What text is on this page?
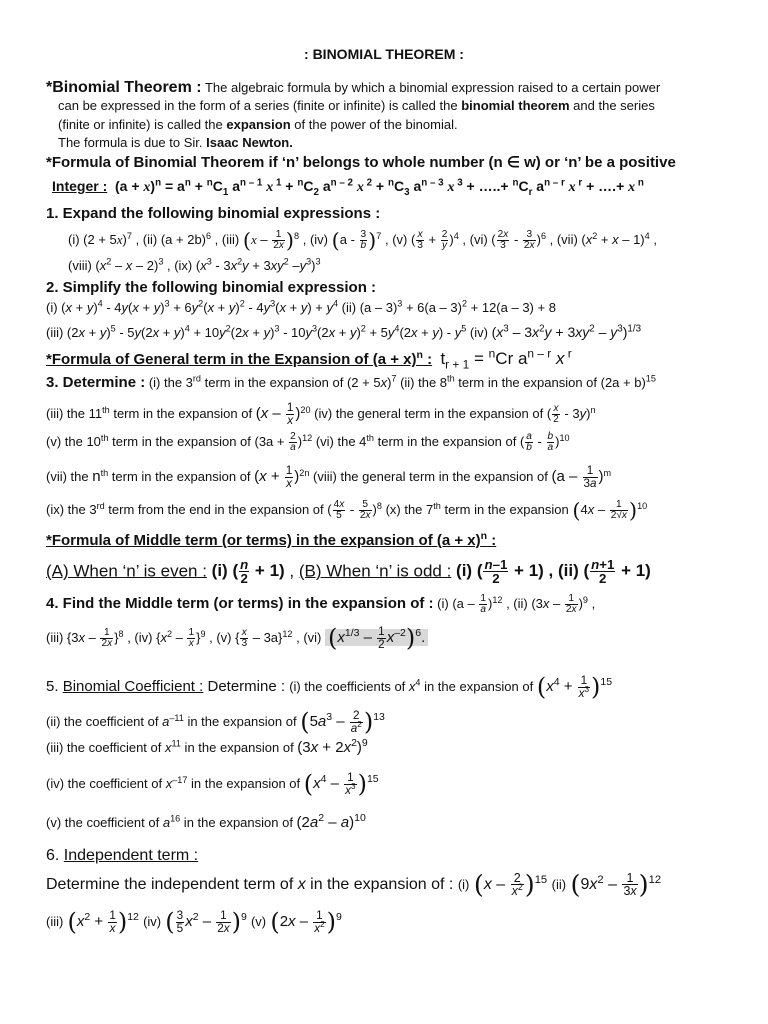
: BINOMIAL THEOREM :
*Binomial Theorem : The algebraic formula by which a binomial expression raised to a certain power
can be expressed in the form of a series (finite or infinite) is called the binomial theorem and the series
(finite or infinite) is called the expansion of the power of the binomial.
The formula is due to Sir. Isaac Newton.
*Formula of Binomial Theorem if ‘n’ belongs to whole number (n ∈ w) or ‘n’ be a positive
Integer :  $(a + x)^n = a^n + ^nC_1$ $a^{n - 1}$ x $^1 + ^nC_2$ $a^{n - 2}$ x $^2 + ^nC_3$ $a^{n - 3}$ x $^3$ + …..+ $^nC_r$ $a^{n - r}$ x $^r$ + ….+ x $^n$
1. Expand the following binomial expressions :
(i) $(2 + 5x)^7$ , (ii) $(a + 2b)^6$ , (iii) $(x - \frac{1}{2x} )^8$ , (iv) $(a - \frac{3}{b} )^7$ , (v) ( $\frac{x}{3} + \frac{2}{y} )^4$ , (vi) ( $\frac{2x}{3} - \frac{3}{2x} )^6$ , (vii) $(x^2 + x - 1)^4$ ,
(viii) ($x^2$ – x – 2)$^3$ , (ix) ($x^3 - 3x^2y + 3xy^2$ $-y^3)^3$
2. Simplify the following binomial expression :
(i) $(x + y)^4 - 4y(x + y)^3 + 6y^2(x + y)^2 - 4y^3(x + y) + y^4$ (ii) (a – 3)$^3$ + 6(a – 3)$^2$ + 12(a – 3) + 8
(iii) $(2x + y)^5 - 5y(2x + y)^4 + 10y^2(2x + y)^3 - 10y^3(2x + y)^2 + 5y^4(2x + y) - y^5$ (iv) $(x^3 - 3x^2y + 3xy^2 - y^3)^{1/3}$
*Formula of General term in the Expansion of $(a + x)^n$ : $t_{r + 1} = ^nCr$ $a^{n - r}$ x $^r$
3. Determine : (i) the 3rd term in the expansion of $(2 + 5x)^7$ (ii) the 8th term in the expansion of $(2a + b)^{15}$
(iii) the 11th term in the expansion of $(x - \frac{1}{x} )^{20}$ (iv) the general term in the expansion of ( $\frac{x}{2} - 3y)^n$
(v) the 10th term in the expansion of $(3a + \frac{2}{a} )^{12}$ (vi) the 4th term in the expansion of ( $\frac{a}{b} - \frac{b}{a} )^{10}$
(vii) the $n^{th}$ term in the expansion of $(x + \frac{1}{x} )^{2n}$ (viii) the general term in the expansion of $(a - \frac{1}{3a} )^m$
(ix) the 3rd term from the end in the expansion of ( $\frac{4x}{5} - \frac{5}{2x} )^8$ (x) the 7th term in the expansion $(4x - \frac{1}{2√x} )^{10}$
*Formula of Middle term (or terms) in the expansion of $(a + x)^n$ :
(A) When ‘n’ is even : (i) ( $\frac{n}{2} + 1$) , (B) When ‘n’ is odd : (i) ( $\frac{n-1}{2} + 1$) , (ii) ( $\frac{n+1}{2} + 1$)
4. Find the Middle term (or terms) in the expansion of : (i) $(a - \frac{1}{a} )^{12}$ , (ii) $(3x - \frac{1}{2x} )^9$ ,
(iii) $\{3x - \frac{1}{2x} \}^8$ , (iv) $\{x^2 - \frac{1}{x} \}^9$ , (v) { $\frac{x}{3} - 3a\}^{12}$ , (vi) $(x^{1/3} - \frac{1}{2} x^{-2})^6$.
5. Binomial Coefficient : Determine : (i) the coefficients of $x^4$ in the expansion of $(x^4 + \frac{1}{x^3} )^{15}$
(ii) the coefficient of $a^{-11}$ in the expansion of $(5a^3 - \frac{2}{a^2} )^{13}$
(iii) the coefficient of $x^{11}$ in the expansion of $(3x + 2x^2)^9$
(iv) the coefficient of $x^{-17}$ in the expansion of $(x^4 - \frac{1}{x^3} )^{15}$
(v) the coefficient of $a^{16}$ in the expansion of $(2a^2 - a)^{10}$
6. Independent term :
Determine the independent term of x in the expansion of : (i) $(x - \frac{2}{x^2} )^{15}$ (ii) $(9x^2 - \frac{1}{3x} )^{12}$
(iii) $(x^2 + \frac{1}{x} )^{12}$ (iv) ( $\frac{3}{5} x^2 - \frac{1}{2x} )^9$ (v) $(2x - \frac{1}{x^2} )^9$
